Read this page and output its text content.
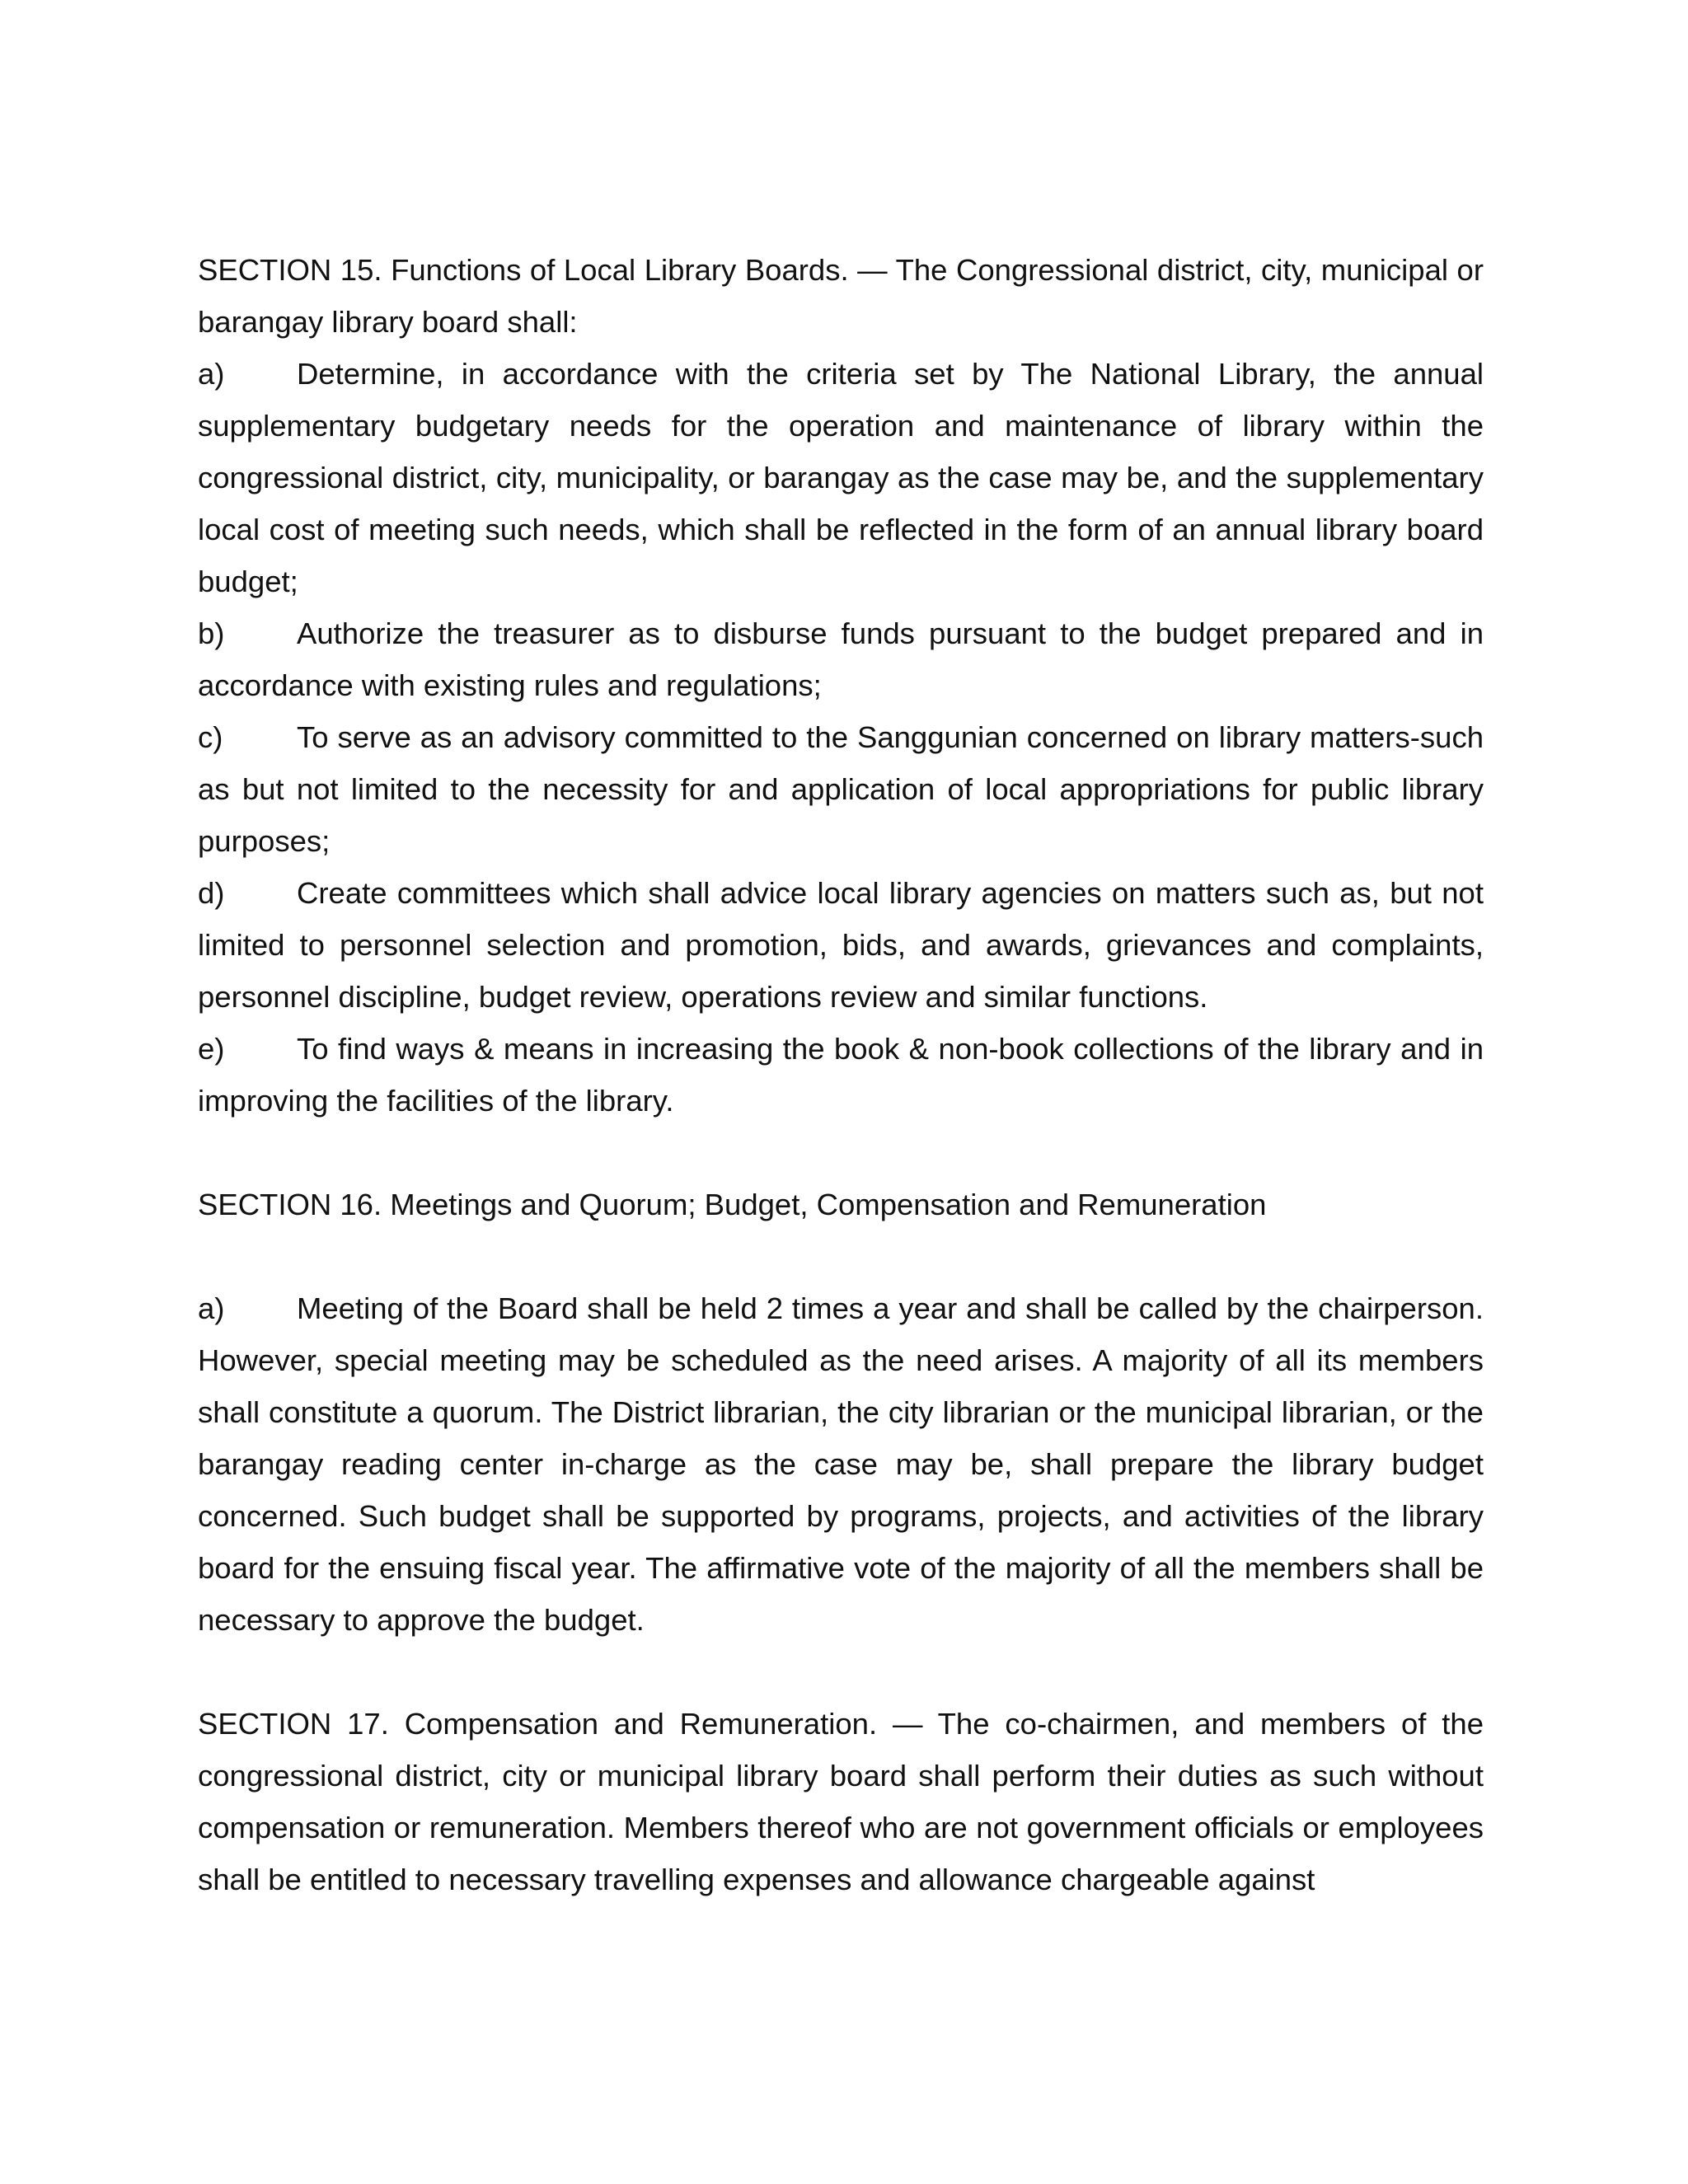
SECTION 15. Functions of Local Library Boards. — The Congressional district, city, municipal or barangay library board shall:

a) Determine, in accordance with the criteria set by The National Library, the annual supplementary budgetary needs for the operation and maintenance of library within the congressional district, city, municipality, or barangay as the case may be, and the supplementary local cost of meeting such needs, which shall be reflected in the form of an annual library board budget;

b) Authorize the treasurer as to disburse funds pursuant to the budget prepared and in accordance with existing rules and regulations;

c) To serve as an advisory committed to the Sanggunian concerned on library matters-such as but not limited to the necessity for and application of local appropriations for public library purposes;

d) Create committees which shall advice local library agencies on matters such as, but not limited to personnel selection and promotion, bids, and awards, grievances and complaints, personnel discipline, budget review, operations review and similar functions.

e) To find ways & means in increasing the book & non-book collections of the library and in improving the facilities of the library.

SECTION 16. Meetings and Quorum; Budget, Compensation and Remuneration

a) Meeting of the Board shall be held 2 times a year and shall be called by the chairperson. However, special meeting may be scheduled as the need arises. A majority of all its members shall constitute a quorum. The District librarian, the city librarian or the municipal librarian, or the barangay reading center in-charge as the case may be, shall prepare the library budget concerned. Such budget shall be supported by programs, projects, and activities of the library board for the ensuing fiscal year. The affirmative vote of the majority of all the members shall be necessary to approve the budget.

SECTION 17. Compensation and Remuneration. — The co-chairmen, and members of the congressional district, city or municipal library board shall perform their duties as such without compensation or remuneration. Members thereof who are not government officials or employees shall be entitled to necessary travelling expenses and allowance chargeable against
